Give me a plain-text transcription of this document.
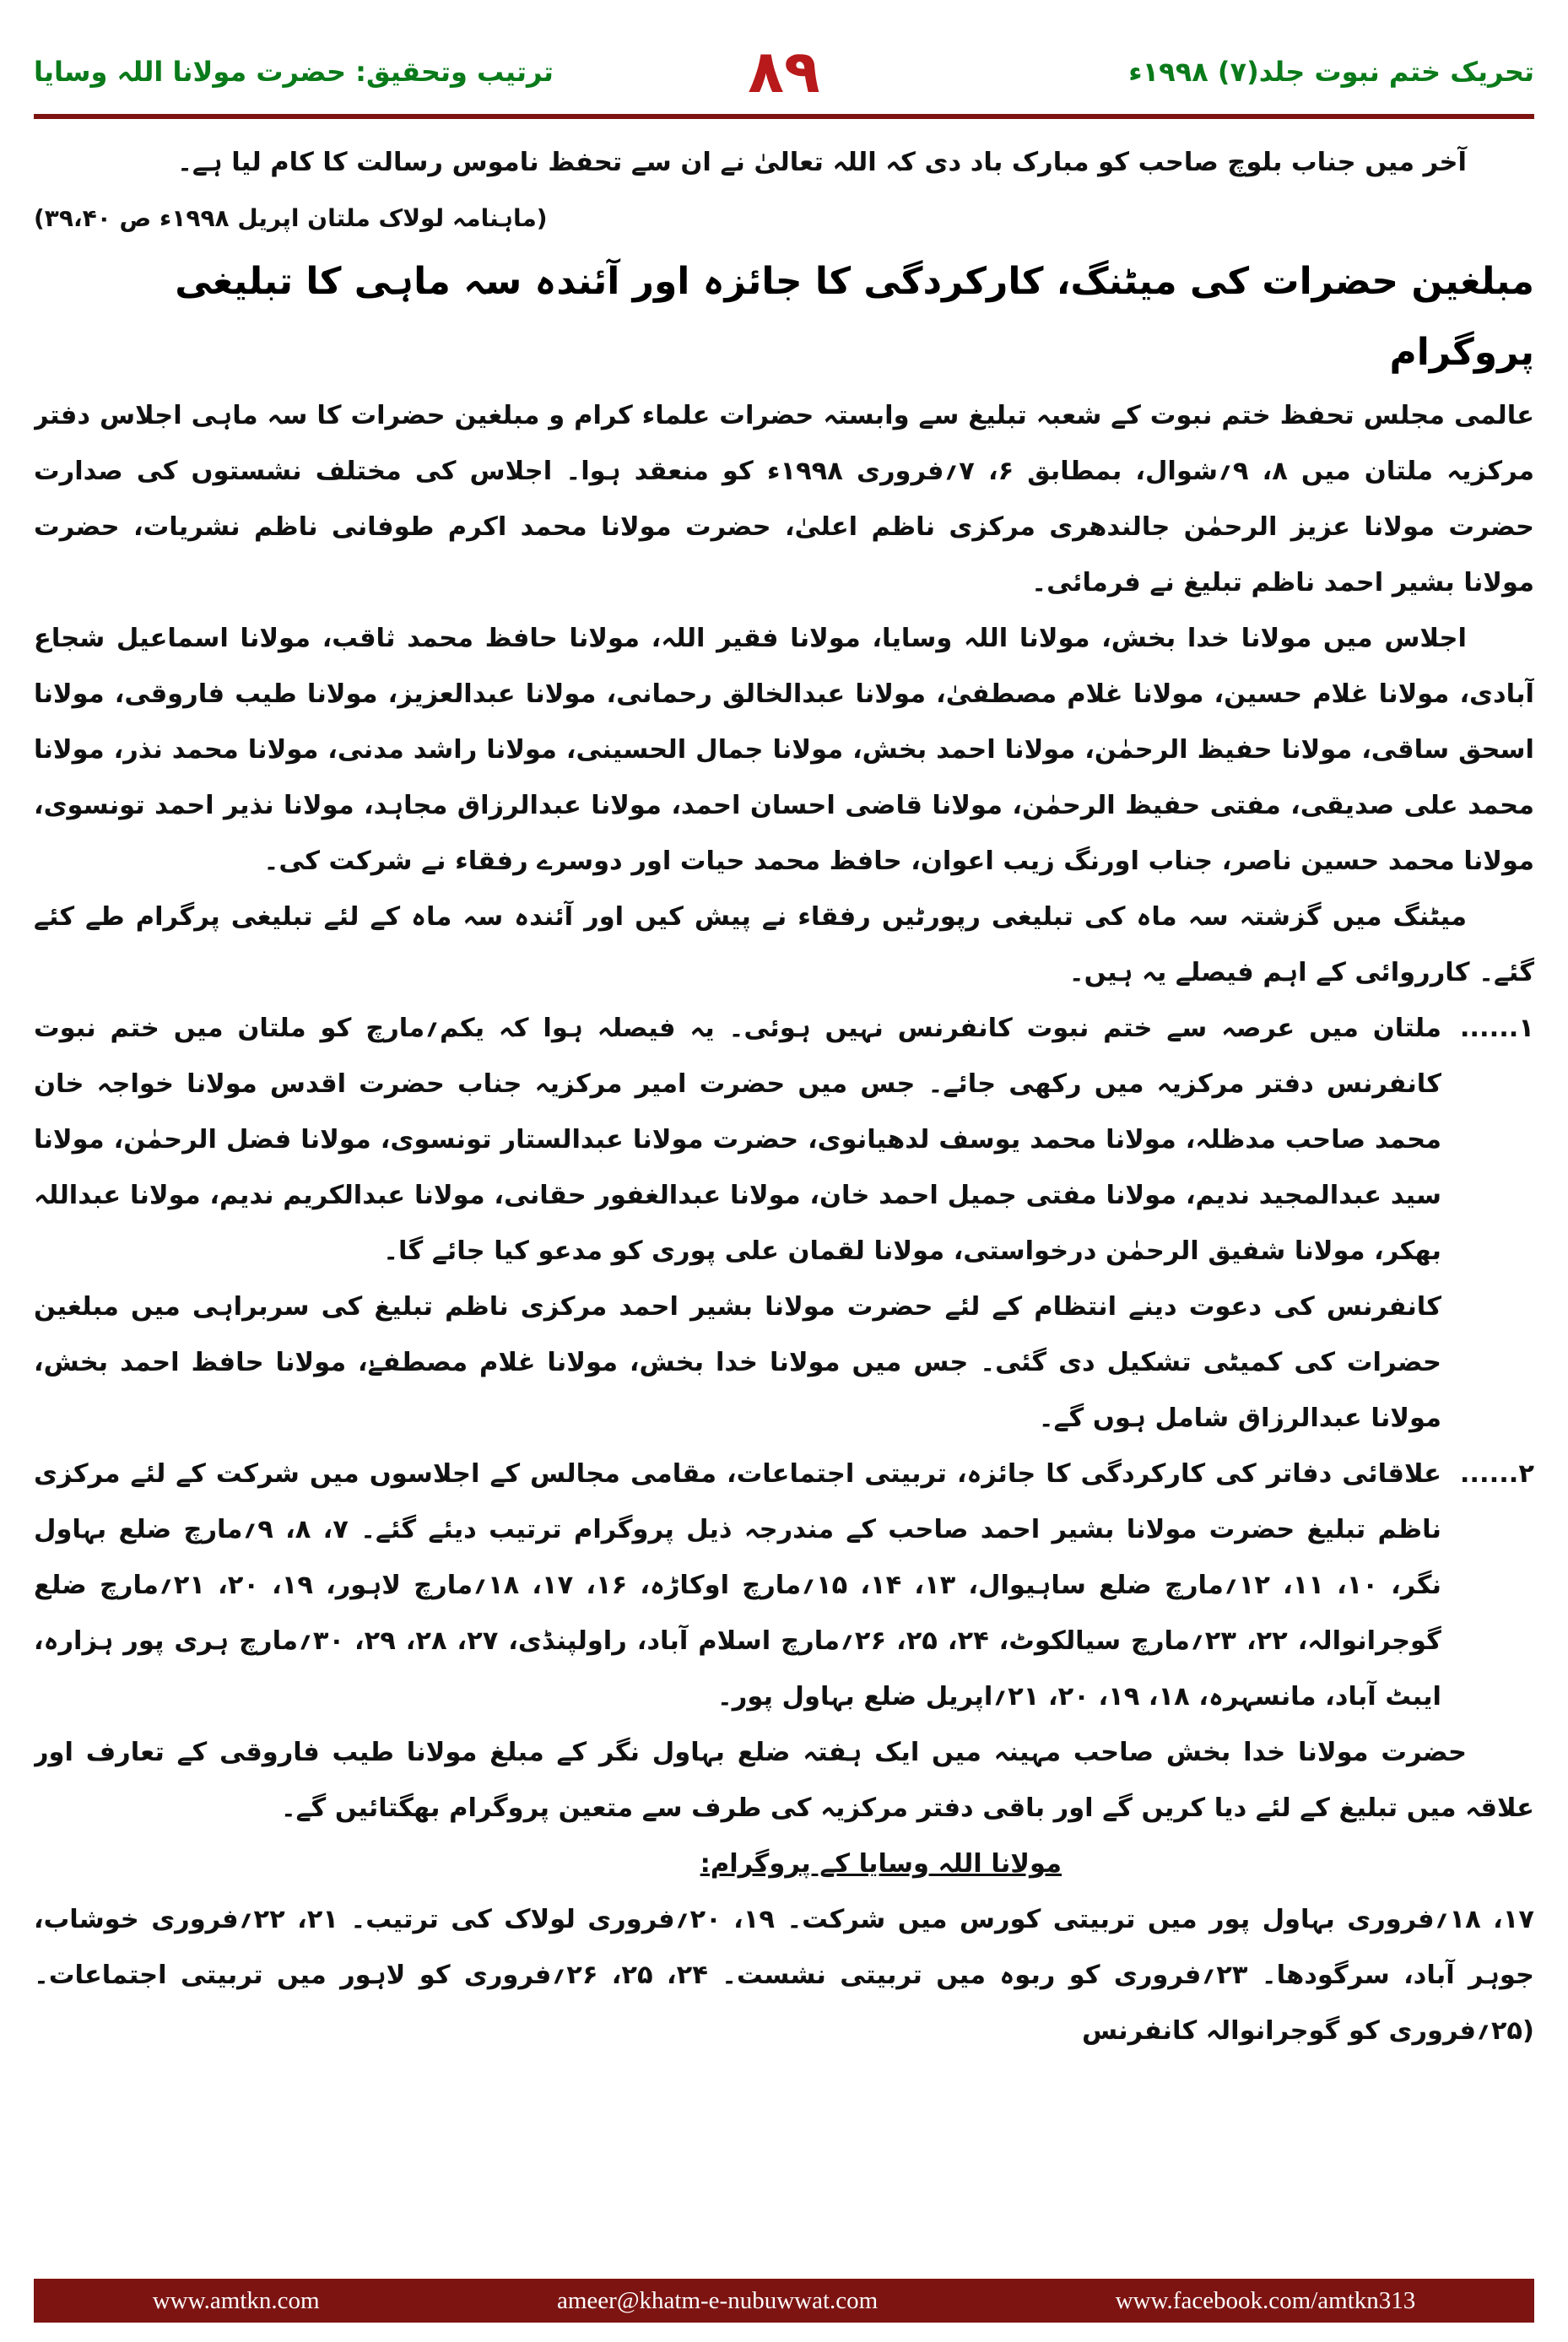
ترتیب وتحقیق: حضرت مولانا اللہ وسایا	۸۹	تحریک ختم نبوت جلد(۷) ۱۹۹۸ء

آخر میں جناب بلوچ صاحب کو مبارک باد دی کہ اللہ تعالیٰ نے ان سے تحفظ ناموس رسالت کا کام لیا ہے۔

(ماہنامہ لولاک ملتان اپریل ۱۹۹۸ء ص ۳۹،۴۰)

مبلغین حضرات کی میٹنگ، کارکردگی کا جائزہ اور آئندہ سہ ماہی کا تبلیغی پروگرام

عالمی مجلس تحفظ ختم نبوت کے شعبہ تبلیغ سے وابستہ حضرات علماء کرام و مبلغین حضرات کا سہ ماہی اجلاس دفتر مرکزیہ ملتان میں ۸، ۹؍شوال، بمطابق ۶، ۷؍فروری ۱۹۹۸ء کو منعقد ہوا۔ اجلاس کی مختلف نشستوں کی صدارت حضرت مولانا عزیز الرحمٰن جالندھری مرکزی ناظم اعلیٰ، حضرت مولانا محمد اکرم طوفانی ناظم نشریات، حضرت مولانا بشیر احمد ناظم تبلیغ نے فرمائی۔

اجلاس میں مولانا خدا بخش، مولانا اللہ وسایا، مولانا فقیر اللہ، مولانا حافظ محمد ثاقب، مولانا اسماعیل شجاع آبادی، مولانا غلام حسین، مولانا غلام مصطفیٰ، مولانا عبدالخالق رحمانی، مولانا عبدالعزیز، مولانا طیب فاروقی، مولانا اسحق ساقی، مولانا حفیظ الرحمٰن، مولانا احمد بخش، مولانا جمال الحسینی، مولانا راشد مدنی، مولانا محمد نذر، مولانا محمد علی صدیقی، مفتی حفیظ الرحمٰن، مولانا قاضی احسان احمد، مولانا عبدالرزاق مجاہد، مولانا نذیر احمد تونسوی، مولانا محمد حسین ناصر، جناب اورنگ زیب اعوان، حافظ محمد حیات اور دوسرے رفقاء نے شرکت کی۔

میٹنگ میں گزشتہ سہ ماہ کی تبلیغی رپورٹیں رفقاء نے پیش کیں اور آئندہ سہ ماہ کے لئے تبلیغی پرگرام طے کئے گئے۔ کارروائی کے اہم فیصلے یہ ہیں۔

۱......
ملتان میں عرصہ سے ختم نبوت کانفرنس نہیں ہوئی۔ یہ فیصلہ ہوا کہ یکم؍مارچ کو ملتان میں ختم نبوت کانفرنس دفتر مرکزیہ میں رکھی جائے۔ جس میں حضرت امیر مرکزیہ جناب حضرت اقدس مولانا خواجہ خان محمد صاحب مدظلہ، مولانا محمد یوسف لدھیانوی، حضرت مولانا عبدالستار تونسوی، مولانا فضل الرحمٰن، مولانا سید عبدالمجید ندیم، مولانا مفتی جمیل احمد خان، مولانا عبدالغفور حقانی، مولانا عبدالکریم ندیم، مولانا عبداللہ بھکر، مولانا شفیق الرحمٰن درخواستی، مولانا لقمان علی پوری کو مدعو کیا جائے گا۔

کانفرنس کی دعوت دینے انتظام کے لئے حضرت مولانا بشیر احمد مرکزی ناظم تبلیغ کی سربراہی میں مبلغین حضرات کی کمیٹی تشکیل دی گئی۔ جس میں مولانا خدا بخش، مولانا غلام مصطفےٰ، مولانا حافظ احمد بخش، مولانا عبدالرزاق شامل ہوں گے۔

۲......
علاقائی دفاتر کی کارکردگی کا جائزہ، تربیتی اجتماعات، مقامی مجالس کے اجلاسوں میں شرکت کے لئے مرکزی ناظم تبلیغ حضرت مولانا بشیر احمد صاحب کے مندرجہ ذیل پروگرام ترتیب دیئے گئے۔ ۷، ۸، ۹؍مارچ ضلع بہاول نگر، ۱۰، ۱۱، ۱۲؍مارچ ضلع ساہیوال، ۱۳، ۱۴، ۱۵؍مارچ اوکاڑہ، ۱۶، ۱۷، ۱۸؍مارچ لاہور، ۱۹، ۲۰، ۲۱؍مارچ ضلع گوجرانوالہ، ۲۲، ۲۳؍مارچ سیالکوٹ، ۲۴، ۲۵، ۲۶؍مارچ اسلام آباد، راولپنڈی، ۲۷، ۲۸، ۲۹، ۳۰؍مارچ ہری پور ہزارہ، ایبٹ آباد، مانسہرہ، ۱۸، ۱۹، ۲۰، ۲۱؍اپریل ضلع بہاول پور۔

حضرت مولانا خدا بخش صاحب مہینہ میں ایک ہفتہ ضلع بہاول نگر کے مبلغ مولانا طیب فاروقی کے تعارف اور علاقہ میں تبلیغ کے لئے دیا کریں گے اور باقی دفتر مرکزیہ کی طرف سے متعین پروگرام بھگتائیں گے۔

مولانا اللہ وسایا کے پروگرام:

۱۷، ۱۸؍فروری بہاول پور میں تربیتی کورس میں شرکت۔ ۱۹، ۲۰؍فروری لولاک کی ترتیب۔ ۲۱، ۲۲؍فروری خوشاب، جوہر آباد، سرگودھا۔ ۲۳؍فروری کو ربوہ میں تربیتی نشست۔ ۲۴، ۲۵، ۲۶؍فروری کو لاہور میں تربیتی اجتماعات۔ (۲۵؍فروری کو گوجرانوالہ کانفرنس

www.amtkn.com	ameer@khatm-e-nubuwwat.com	www.facebook.com/amtkn313
